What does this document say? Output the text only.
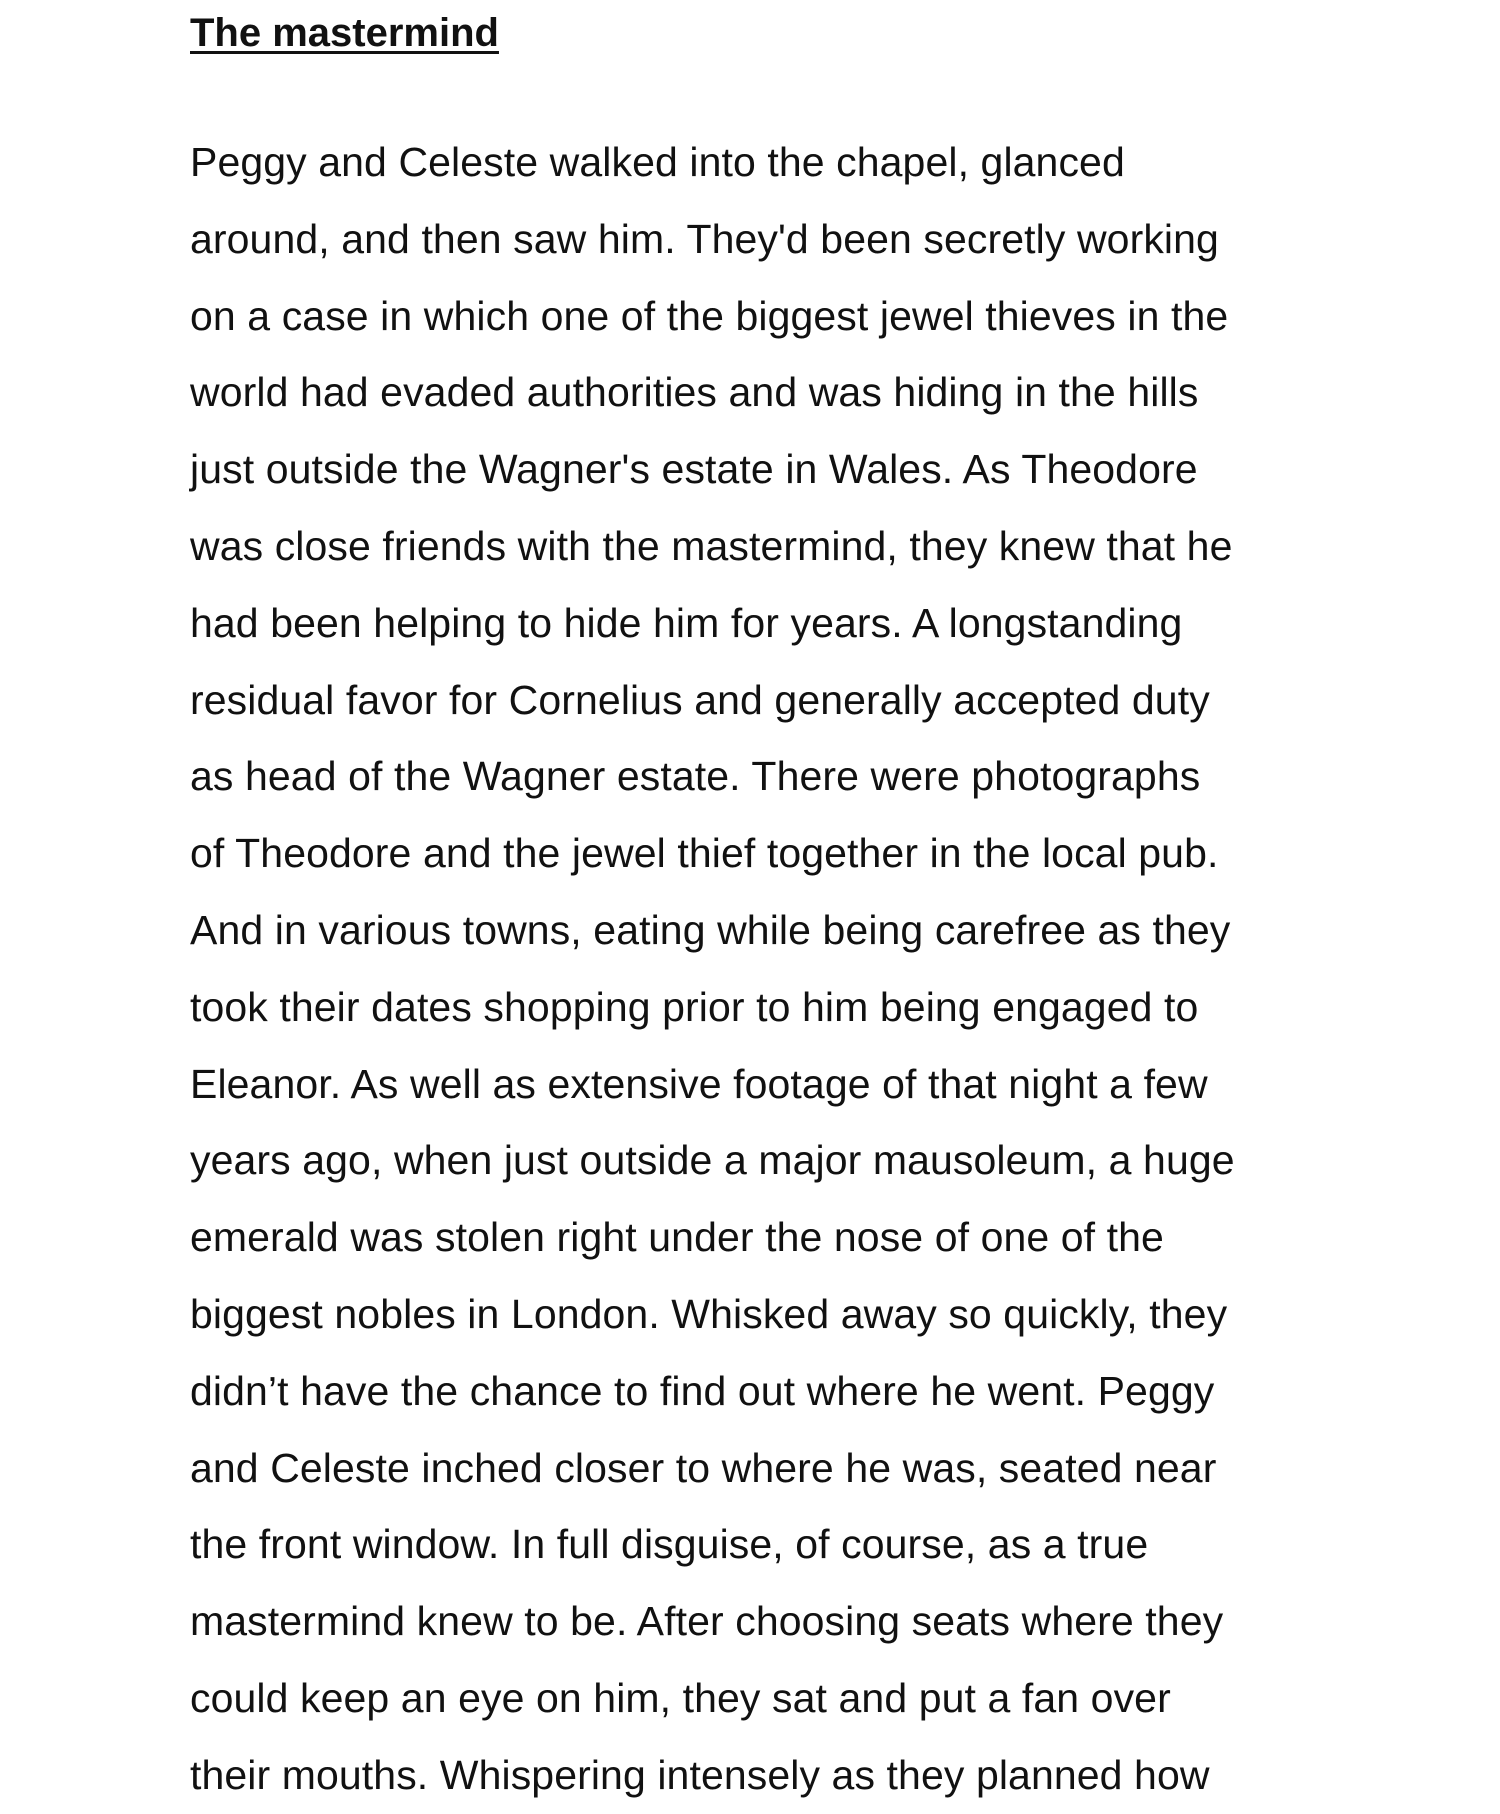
The mastermind
Peggy and Celeste walked into the chapel, glanced
around, and then saw him. They'd been secretly working
on a case in which one of the biggest jewel thieves in the
world had evaded authorities and was hiding in the hills
just outside the Wagner's estate in Wales. As Theodore
was close friends with the mastermind, they knew that he
had been helping to hide him for years. A longstanding
residual favor for Cornelius and generally accepted duty
as head of the Wagner estate. There were photographs
of Theodore and the jewel thief together in the local pub.
And in various towns, eating while being carefree as they
took their dates shopping prior to him being engaged to
Eleanor. As well as extensive footage of that night a few
years ago, when just outside a major mausoleum, a huge
emerald was stolen right under the nose of one of the
biggest nobles in London. Whisked away so quickly, they
didn’t have the chance to find out where he went. Peggy
and Celeste inched closer to where he was, seated near
the front window. In full disguise, of course, as a true
mastermind knew to be. After choosing seats where they
could keep an eye on him, they sat and put a fan over
their mouths. Whispering intensely as they planned how
